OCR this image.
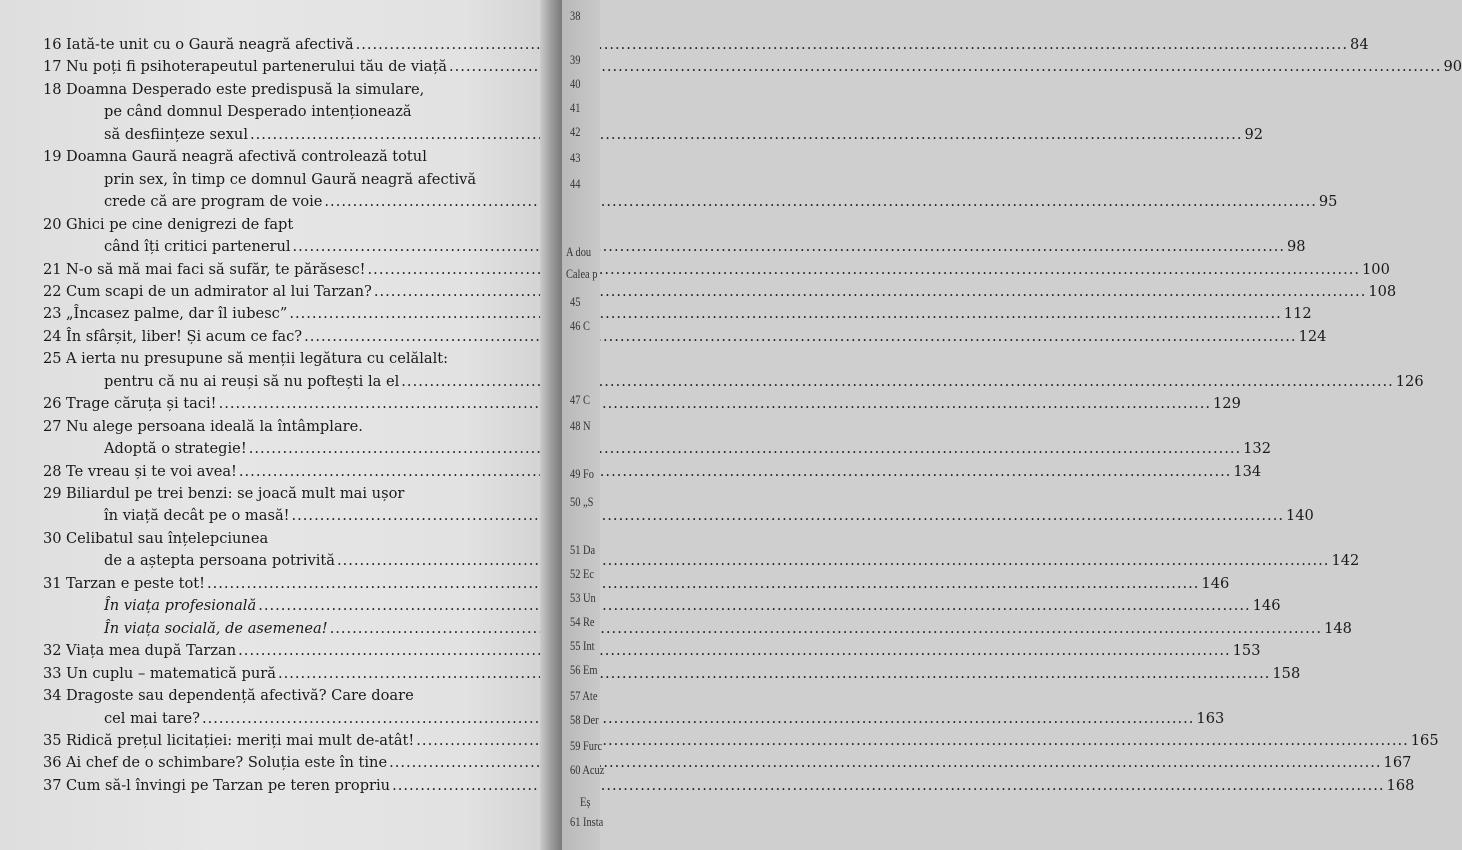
16 Iată-te unit cu o Gaură neagră afectivă .....	84
17 Nu poți fi psihoterapeutul partenerului tău de viață .....	90
18 Doamna Desperado este predispusă la simulare,
pe când domnul Desperado intenționează
să desființeze sexul .....	92
19 Doamna Gaură neagră afectivă controlează totul
prin sex, în timp ce domnul Gaură neagră afectivă
crede că are program de voie .....	95
20 Ghici pe cine denigrezi de fapt
când îți critici partenerul .....	98
21 N-o să mă mai faci să sufăr, te părăsesc! .....	100
22 Cum scapi de un admirator al lui Tarzan? .....	108
23 „Încasez palme, dar îl iubesc” .....	112
24 În sfârșit, liber! Și acum ce fac? .....	124
25 A ierta nu presupune să menții legătura cu celălalt:
pentru că nu ai reuși să nu poftești la el .....	126
26 Trage căruța și taci! .....	129
27 Nu alege persoana ideală la întâmplare.
Adoptă o strategie! .....	132
28 Te vreau și te voi avea! .....	134
29 Biliardul pe trei benzi: se joacă mult mai ușor
în viață decât pe o masă! .....	140
30 Celibatul sau înțelepciunea
de a aștepta persoana potrivită .....	142
31 Tarzan e peste tot! .....	146
În viața profesională .....	146
În viața socială, de asemenea! .....	148
32 Viața mea după Tarzan .....	153
33 Un cuplu – matematică pură .....	158
34 Dragoste sau dependență afectivă? Care doare
cel mai tare? .....	163
35 Ridică prețul licitației: meriți mai mult de-atât! .....	165
36 Ai chef de o schimbare? Soluția este în tine .....	167
37 Cum să-l învingi pe Tarzan pe teren propriu .....	168
38
39
40
41
42
43
44
A dou
Calea p
45
46 C
47 C
48 N
49 Fo
50 „S
51 Da
52 Ec
53 Un
54 Re
55 Int
56 Em
57 Ate
58 Der
59 Furc
60 Acuz
Eș
61 Insta
